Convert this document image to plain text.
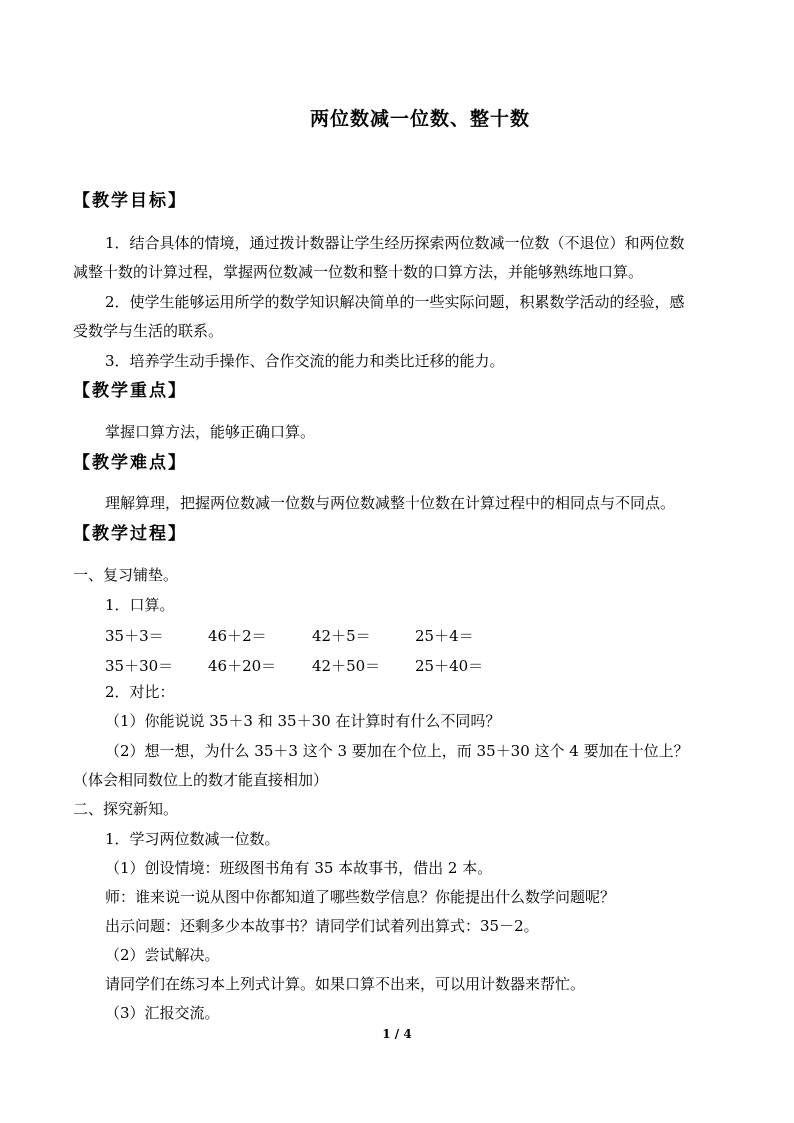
两位数减一位数、整十数
【教学目标】
1．结合具体的情境，通过拨计数器让学生经历探索两位数减一位数（不退位）和两位数
减整十数的计算过程，掌握两位数减一位数和整十数的口算方法，并能够熟练地口算。
2．使学生能够运用所学的数学知识解决简单的一些实际问题，积累数学活动的经验，感
受数学与生活的联系。
3．培养学生动手操作、合作交流的能力和类比迁移的能力。
【教学重点】
掌握口算方法，能够正确口算。
【教学难点】
理解算理，把握两位数减一位数与两位数减整十位数在计算过程中的相同点与不同点。
【教学过程】
一、复习铺垫。
1．口算。
35＋3＝	46＋2＝	42＋5＝	25＋4＝
35＋30＝ 46＋20＝ 42＋50＝ 25＋40＝
2．对比：
（1）你能说说 35＋3 和 35＋30 在计算时有什么不同吗？
（2）想一想，为什么 35＋3 这个 3 要加在个位上，而 35＋30 这个 4 要加在十位上？
（体会相同数位上的数才能直接相加）
二、探究新知。
1．学习两位数减一位数。
（1）创设情境：班级图书角有 35 本故事书，借出 2 本。
师：谁来说一说从图中你都知道了哪些数学信息？你能提出什么数学问题呢？
出示问题：还剩多少本故事书？请同学们试着列出算式：35－2。
（2）尝试解决。
请同学们在练习本上列式计算。如果口算不出来，可以用计数器来帮忙。
（3）汇报交流。
1 / 4
